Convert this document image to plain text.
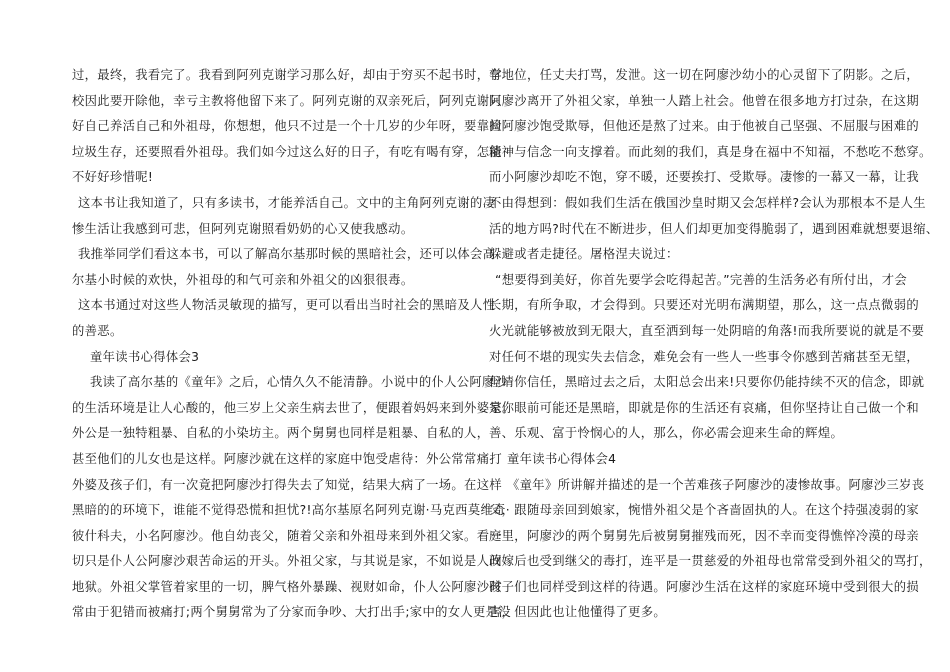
过，最终，我看完了。我看到阿列克谢学习那么好，却由于穷买不起书时，学
校因此要开除他，幸亏主教将他留下来了。阿列克谢的双亲死后，阿列克谢只
好自己养活自己和外祖母，你想想，他只不过是一个十几岁的少年呀，要靠捡
垃圾生存，还要照看外祖母。我们如今过这么好的日子，有吃有喝有穿，怎能
不好好珍惜呢!
这本书让我知道了，只有多读书，才能养活自己。文中的主角阿列克谢的凄
惨生活让我感到可悲，但阿列克谢照看奶奶的心又使我感动。
我推举同学们看这本书，可以了解高尔基那时候的黑暗社会，还可以体会高
尔基小时候的欢快，外祖母的和气可亲和外祖父的凶狠很毒。
这本书通过对这些人物活灵敏现的描写，更可以看出当时社会的黑暗及人性
的善恶。
童年读书心得体会3
我读了高尔基的《童年》之后，心情久久不能清静。小说中的仆人公阿廖沙
的生活环境是让人心酸的，他三岁上父亲生病去世了，便跟着妈妈来到外婆家。
外公是一独特粗暴、自私的小染坊主。两个舅舅也同样是粗暴、自私的人，
甚至他们的儿女也是这样。阿廖沙就在这样的家庭中饱受虐待：外公常常痛打
外婆及孩子们，有一次竟把阿廖沙打得失去了知觉，结果大病了一场。在这样
黑暗的的环境下，谁能不觉得恐慌和担忧?!高尔基原名阿列克谢·马克西莫维奇·
彼什科夫，小名阿廖沙。他自幼丧父，随着父亲和外祖母来到外祖父家。看一
切只是仆人公阿廖沙艰苦命运的开头。外祖父家，与其说是家，不如说是人间
地狱。外祖父掌管着家里的一切，脾气格外暴躁、视财如命，仆人公阿廖沙时
常由于犯错而被痛打;两个舅舅常为了分家而争吵、大打出手;家中的女人更是没
有地位，任丈夫打骂，发泄。这一切在阿廖沙幼小的心灵留下了阴影。之后，
阿廖沙离开了外祖父家，单独一人踏上社会。他曾在很多地方打过杂，在这期
间阿廖沙饱受欺辱，但他还是熬了过来。由于他被自己坚强、不屈服与困难的
精神与信念一向支撑着。而此刻的我们，真是身在福中不知福，不愁吃不愁穿。
而小阿廖沙却吃不饱，穿不暖，还要挨打、受欺辱。凄惨的一幕又一幕，让我
不由得想到：假如我们生活在俄国沙皇时期又会怎样样?会认为那根本不是人生
活的地方吗?时代在不断进步，但人们却更加变得脆弱了，遇到困难就想要退缩、
躲避或者走捷径。屠格涅夫说过：
“想要得到美好，你首先要学会吃得起苦。”完善的生活务必有所付出，才会
长期，有所争取，才会得到。只要还对光明布满期望，那么，这一点点微弱的
火光就能够被放到无限大，直至洒到每一处阴暗的角落!而我所要说的就是不要
对任何不堪的现实失去信念，难免会有一些人一些事令你感到苦痛甚至无望，
但请你信任，黑暗过去之后，太阳总会出来!只要你仍能持续不灭的信念，即就
是你眼前可能还是黑暗，即就是你的生活还有哀痛，但你坚持让自己做一个和
善、乐观、富于怜悯心的人，那么，你必需会迎来生命的辉煌。
童年读书心得体会4
《童年》所讲解并描述的是一个苦难孩子阿廖沙的凄惨故事。阿廖沙三岁丧
父，跟随母亲回到娘家，惋惜外祖父是个吝啬固执的人。在这个持强凌弱的家
庭里，阿廖沙的两个舅舅先后被舅舅摧残而死，因不幸而变得憔悴冷漠的母亲
改嫁后也受到继父的毒打，连平是一贯慈爱的外祖母也常常受到外祖父的骂打，
孩子们也同样受到这样的待遇。阿廖沙生活在这样的家庭环境中受到很大的损
害，但因此也让他懂得了更多。
